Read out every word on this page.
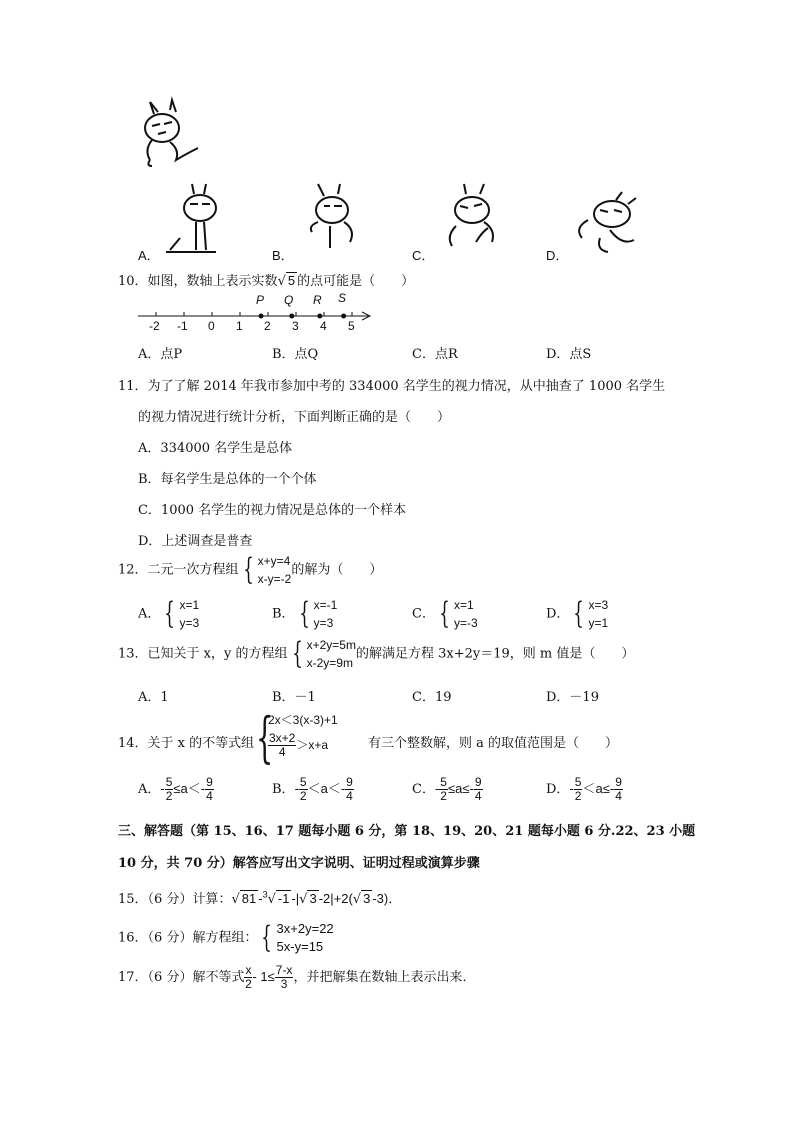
A．	B．	C．	D．
10．如图，数轴上表示实数√ 5 的点可能是（　　）
P Q R S
-2 -1 0 1 2 3 4 5
A．点P	B．点Q	C．点R	D．点S
11．为了了解 2014 年我市参加中考的 334000 名学生的视力情况，从中抽查了 1000 名学生
的视力情况进行统计分析，下面判断正确的是（　　）
A．334000 名学生是总体
B．每名学生是总体的一个个体
C．1000 名学生的视力情况是总体的一个样本
D．上述调查是普查
12．二元一次方程组 { x+y=4
x-y=-2
的解为（　　）
A． { x=1
y=3
B． { x=-1
y=3
C． { x=1
y=-3
D． { x=3
y=1
13．已知关于 x，y 的方程组 { x+2y=5m
x-2y=9m
的解满足方程 3x+2y＝19，则 m 值是（　　）
A．1	B．－1	C．19	D．－19
14．关于 x 的不等式组 {
2x＜3(x-3)+1
$\frac{3x+2}{4} >x+a$	有三个整数解，则 a 的取值范围是（　　）
A．- $\frac{5}{2} \le a<- \frac{9}{4}$	B．- $\frac{5}{2} <a<- \frac{9}{4}$	C．- $\frac{5}{2} \le a\le- \frac{9}{4}$	D．- $\frac{5}{2} <a\le- \frac{9}{4}$
三、解答题（第 15、16、17 题每小题 6 分，第 18、19、20、21 题每小题 6 分.22、23 小题
10 分，共 70 分）解答应写出文字说明、证明过程或演算步骤
15．（6 分）计算：√ 81 -$^3$√ -1 -|√ 3 -2|+2(√ 3 -3)．
16．（6 分）解方程组： { 3x+2y=22
5x-y=15
17．（6 分）解不等式 $\frac{x}{2} - 1\le \frac{7-x}{3}$ ，并把解集在数轴上表示出来．
